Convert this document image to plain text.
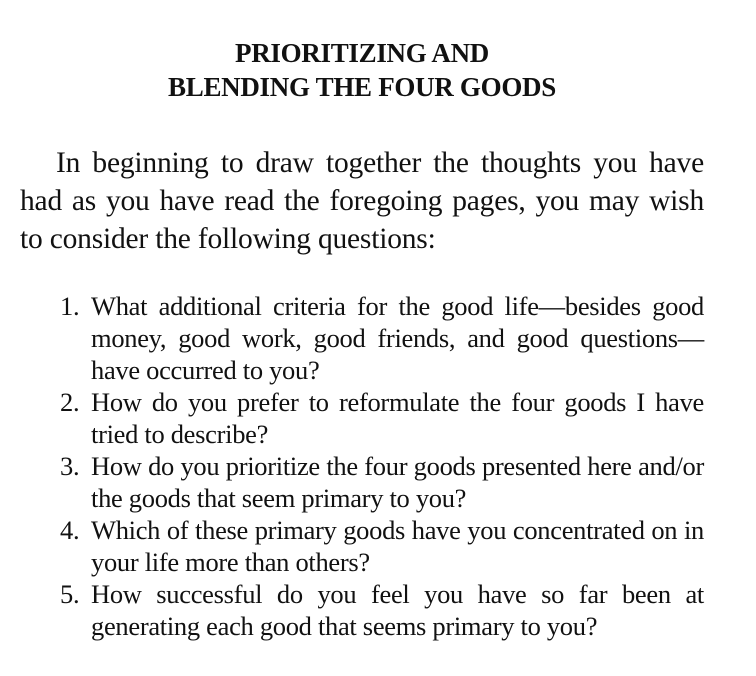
PRIORITIZING AND
BLENDING THE FOUR GOODS

In beginning to draw together the thoughts you have had as you have read the foregoing pages, you may wish to consider the following questions:

1. What additional criteria for the good life—besides good money, good work, good friends, and good questions—have occurred to you?
2. How do you prefer to reformulate the four goods I have tried to describe?
3. How do you prioritize the four goods presented here and/or the goods that seem primary to you?
4. Which of these primary goods have you concentrated on in your life more than others?
5. How successful do you feel you have so far been at generating each good that seems primary to you?
